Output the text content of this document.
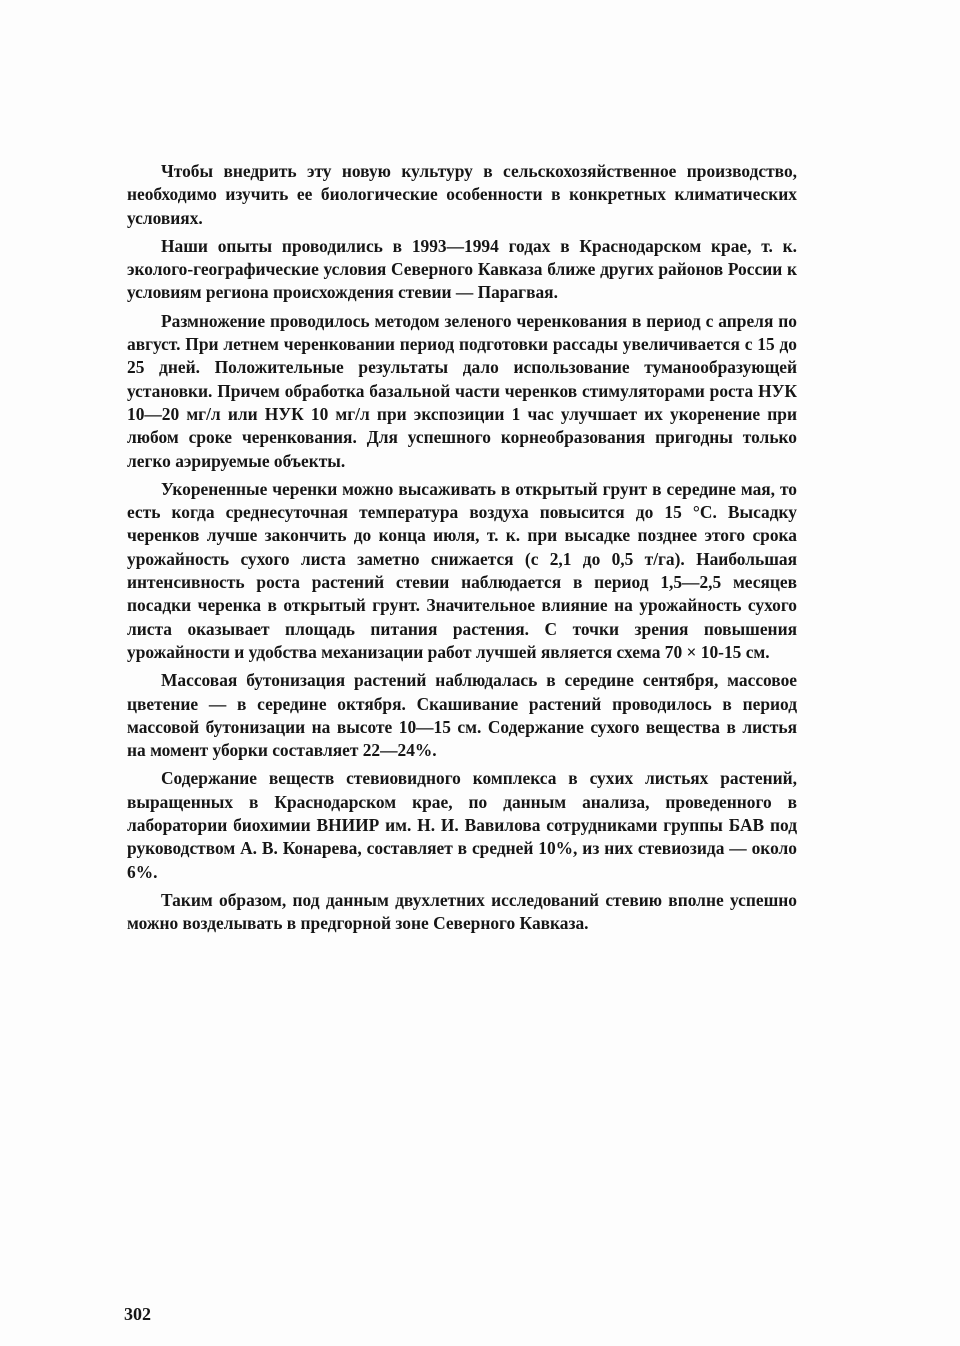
Чтобы внедрить эту новую культуру в сельскохозяйственное производство, необходимо изучить ее биологические особенности в конкретных климатических условиях.

Наши опыты проводились в 1993—1994 годах в Краснодарском крае, т. к. эколого-географические условия Северного Кавказа ближе других районов России к условиям региона происхождения стевии — Парагвая.

Размножение проводилось методом зеленого черенкования в период с апреля по август. При летнем черенковании период подготовки рассады увеличивается с 15 до 25 дней. Положительные результаты дало использование туманообразующей установки. Причем обработка базальной части черенков стимуляторами роста НУК 10—20 мг/л или НУК 10 мг/л при экспозиции 1 час улучшает их укоренение при любом сроке черенкования. Для успешного корнеобразования пригодны только легко аэрируемые объекты.

Укорененные черенки можно высаживать в открытый грунт в середине мая, то есть когда среднесуточная температура воздуха повысится до 15 °С. Высадку черенков лучше закончить до конца июля, т. к. при высадке позднее этого срока урожайность сухого листа заметно снижается (с 2,1 до 0,5 т/га). Наибольшая интенсивность роста растений стевии наблюдается в период 1,5—2,5 месяцев посадки черенка в открытый грунт. Значительное влияние на урожайность сухого листа оказывает площадь питания растения. С точки зрения повышения урожайности и удобства механизации работ лучшей является схема 70 × 10-15 см.

Массовая бутонизация растений наблюдалась в середине сентября, массовое цветение — в середине октября. Скашивание растений проводилось в период массовой бутонизации на высоте 10—15 см. Содержание сухого вещества в листья на момент уборки составляет 22—24%.

Содержание веществ стевиовидного комплекса в сухих листьях растений, выращенных в Краснодарском крае, по данным анализа, проведенного в лаборатории биохимии ВНИИР им. Н. И. Вавилова сотрудниками группы БАВ под руководством А. В. Конарева, составляет в средней 10%, из них стевиозида — около 6%.

Таким образом, под данным двухлетних исследований стевию вполне успешно можно возделывать в предгорной зоне Северного Кавказа.

302
